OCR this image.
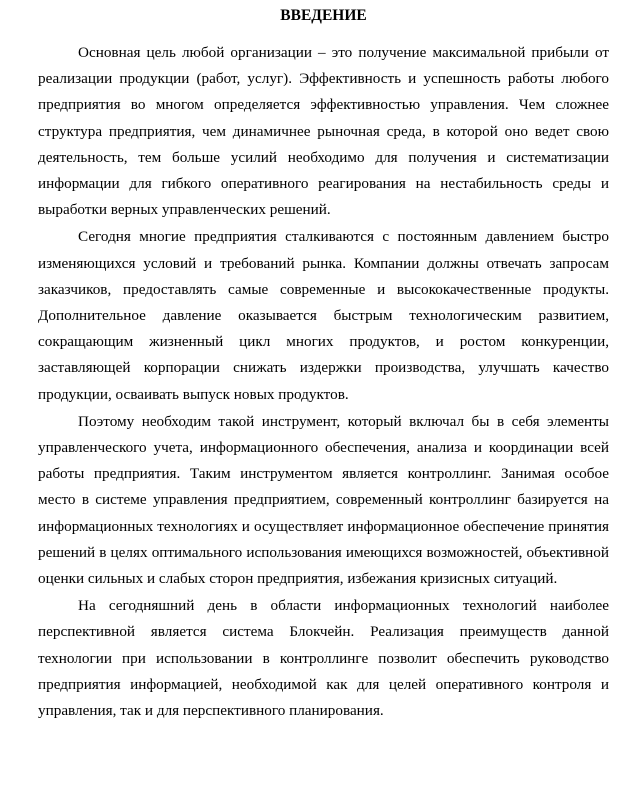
ВВЕДЕНИЕ

Основная цель любой организации – это получение максимальной прибыли от реализации продукции (работ, услуг). Эффективность и успешность работы любого предприятия во многом определяется эффективностью управления. Чем сложнее структура предприятия, чем динамичнее рыночная среда, в которой оно ведет свою деятельность, тем больше усилий необходимо для получения и систематизации информации для гибкого оперативного реагирования на нестабильность среды и выработки верных управленческих решений.

Сегодня многие предприятия сталкиваются с постоянным давлением быстро изменяющихся условий и требований рынка. Компании должны отвечать запросам заказчиков, предоставлять самые современные и высококачественные продукты. Дополнительное давление оказывается быстрым технологическим развитием, сокращающим жизненный цикл многих продуктов, и ростом конкуренции, заставляющей корпорации снижать издержки производства, улучшать качество продукции, осваивать выпуск новых продуктов.

Поэтому необходим такой инструмент, который включал бы в себя элементы управленческого учета, информационного обеспечения, анализа и координации всей работы предприятия. Таким инструментом является контроллинг. Занимая особое место в системе управления предприятием, современный контроллинг базируется на информационных технологиях и осуществляет информационное обеспечение принятия решений в целях оптимального использования имеющихся возможностей, объективной оценки сильных и слабых сторон предприятия, избежания кризисных ситуаций.

На сегодняшний день в области информационных технологий наиболее перспективной является система Блокчейн. Реализация преимуществ данной технологии при использовании в контроллинге позволит обеспечить руководство предприятия информацией, необходимой как для целей оперативного контроля и управления, так и для перспективного планирования.
